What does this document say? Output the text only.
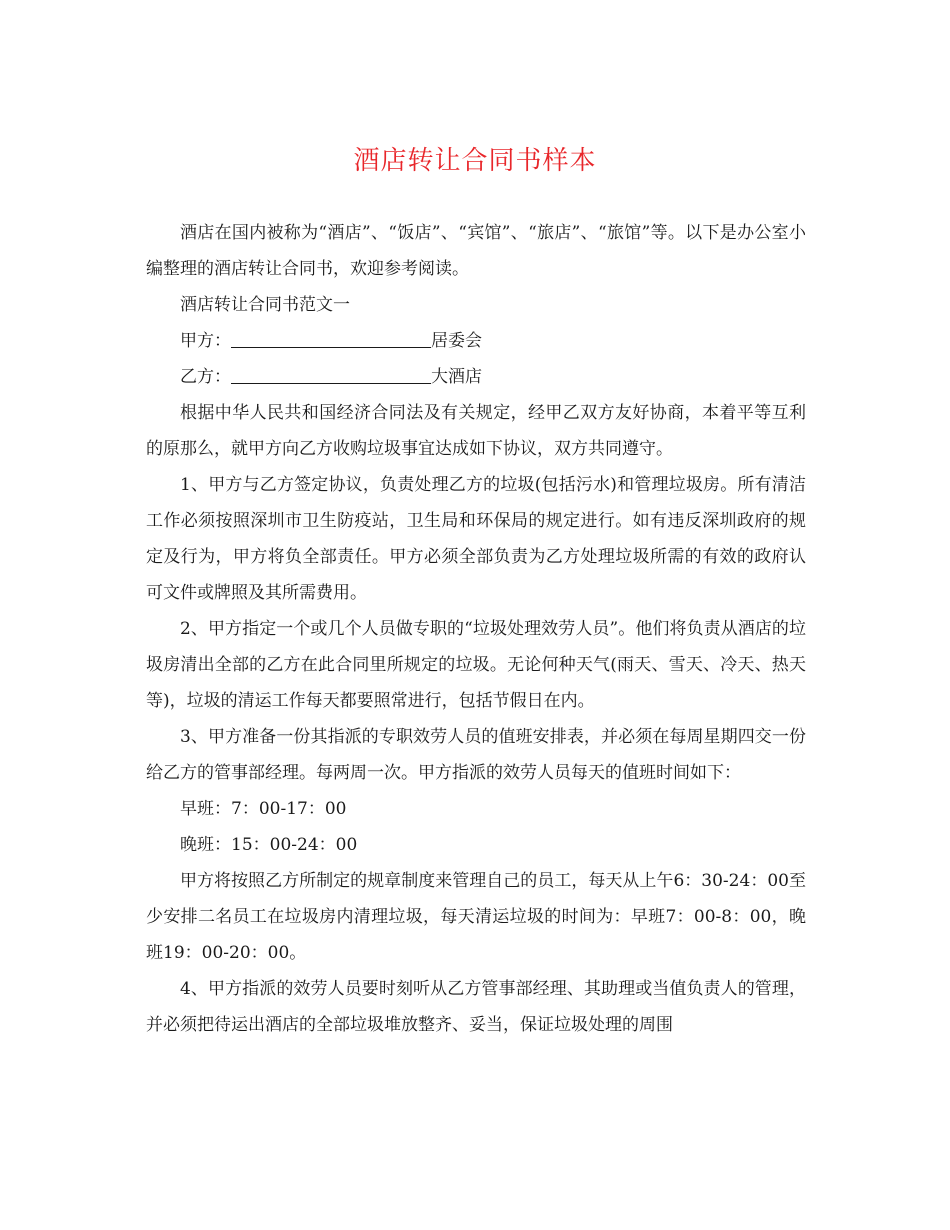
酒店转让合同书样本

酒店在国内被称为“酒店”、“饭店”、“宾馆”、“旅店”、“旅馆”等。以下是办公室小编整理的酒店转让合同书，欢迎参考阅读。

酒店转让合同书范文一

甲方：	居委会

乙方：	大酒店

根据中华人民共和国经济合同法及有关规定，经甲乙双方友好协商，本着平等互利的原那么，就甲方向乙方收购垃圾事宜达成如下协议，双方共同遵守。

1、甲方与乙方签定协议，负责处理乙方的垃圾(包括污水)和管理垃圾房。所有清洁工作必须按照深圳市卫生防疫站，卫生局和环保局的规定进行。如有违反深圳政府的规定及行为，甲方将负全部责任。甲方必须全部负责为乙方处理垃圾所需的有效的政府认可文件或牌照及其所需费用。

2、甲方指定一个或几个人员做专职的“垃圾处理效劳人员”。他们将负责从酒店的垃圾房清出全部的乙方在此合同里所规定的垃圾。无论何种天气(雨天、雪天、冷天、热天等)，垃圾的清运工作每天都要照常进行，包括节假日在内。

3、甲方准备一份其指派的专职效劳人员的值班安排表，并必须在每周星期四交一份给乙方的管事部经理。每两周一次。甲方指派的效劳人员每天的值班时间如下：

早班：7：00-17：00

晚班：15：00-24：00

甲方将按照乙方所制定的规章制度来管理自己的员工，每天从上午6：30-24：00至少安排二名员工在垃圾房内清理垃圾，每天清运垃圾的时间为：早班7：00-8：00，晚班19：00-20：00。

4、甲方指派的效劳人员要时刻听从乙方管事部经理、其助理或当值负责人的管理，并必须把待运出酒店的全部垃圾堆放整齐、妥当，保证垃圾处理的周围
